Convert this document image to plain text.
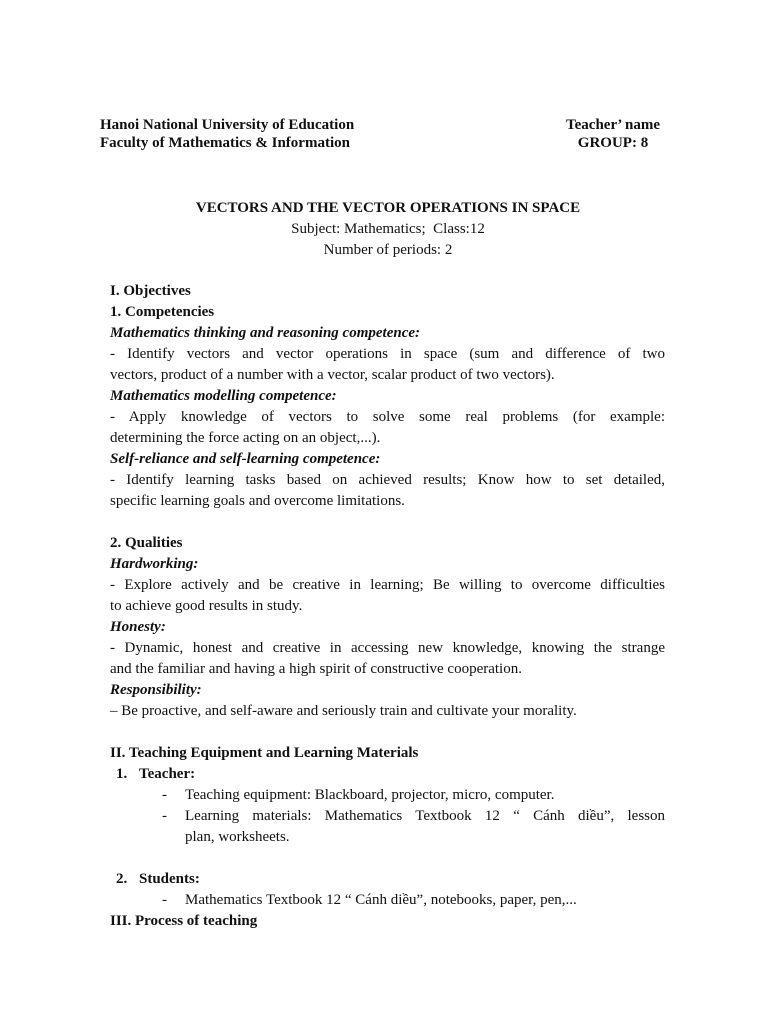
Hanoi National University of Education
Faculty of Mathematics & Information
Teacher’ name
GROUP: 8
VECTORS AND THE VECTOR OPERATIONS IN SPACE
Subject: Mathematics;  Class:12
Number of periods: 2
I. Objectives
1. Competencies
Mathematics thinking and reasoning competence:
- Identify vectors and vector operations in space (sum and difference of two
vectors, product of a number with a vector, scalar product of two vectors).
Mathematics modelling competence:
- Apply knowledge of vectors to solve some real problems (for example:
determining the force acting on an object,...).
Self-reliance and self-learning competence:
- Identify learning tasks based on achieved results; Know how to set detailed,
specific learning goals and overcome limitations.
2. Qualities
Hardworking:
- Explore actively and be creative in learning; Be willing to overcome difficulties
to achieve good results in study.
Honesty:
- Dynamic, honest and creative in accessing new knowledge, knowing the strange
and the familiar and having a high spirit of constructive cooperation.
Responsibility:
– Be proactive, and self-aware and seriously train and cultivate your morality.
II. Teaching Equipment and Learning Materials
1. Teacher:
- Teaching equipment: Blackboard, projector, micro, computer.
- Learning materials: Mathematics Textbook 12 “ Cánh diều”, lesson
plan, worksheets.
2. Students:
- Mathematics Textbook 12 “ Cánh diều”, notebooks, paper, pen,...
III. Process of teaching
